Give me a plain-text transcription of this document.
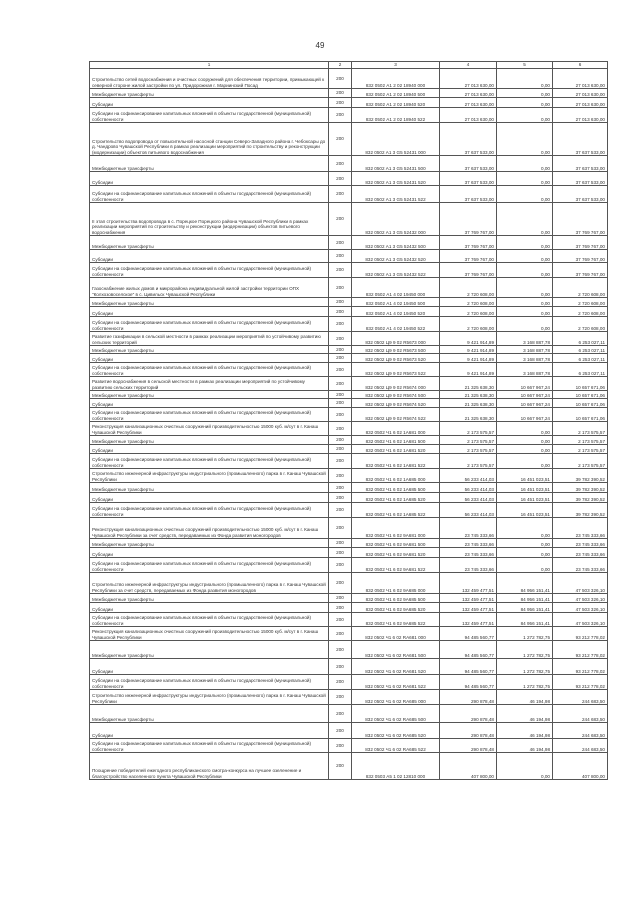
49
1	2	3	4	5	6
Строительство сетей водоснабжения и очистных сооружений для обеспечения территории, примыкающей к северной стороне жилой застройки по ул. Придорожная г. Мариинский Посад	200	832 0502 А1 2 02 18940 000	27 013 630,00	0,00	27 013 630,00
Межбюджетные трансферты	200	832 0502 А1 2 02 18940 500	27 013 630,00	0,00	27 013 630,00
Субсидии	200	832 0502 А1 2 02 18940 520	27 013 630,00	0,00	27 013 630,00
Субсидии на софинансирование капитальных вложений в объекты государственной (муниципальной) собственности	200	832 0502 А1 2 02 18940 522	27 013 630,00	0,00	27 013 630,00
Строительство водопровода от повысительной насосной станции Северо-Западного района г. Чебоксары до д. Чандрово Чувашской Республики в рамках реализации мероприятий по строительству и реконструкции (модернизации) объектов питьевого водоснабжения	200	832 0502 А1 3 G5 52431 000	37 637 533,00	0,00	37 637 533,00
Межбюджетные трансферты	200	832 0502 А1 3 G5 52431 500	37 637 533,00	0,00	37 637 533,00
Субсидии	200	832 0502 А1 3 G5 52431 520	37 637 533,00	0,00	37 637 533,00
Субсидии на софинансирование капитальных вложений в объекты государственной (муниципальной) собственности	200	832 0502 А1 3 G5 52431 522	37 637 533,00	0,00	37 637 533,00
II этап строительства водопровода в с. Порецкое Порецкого района Чувашской Республики в рамках реализации мероприятий по строительству и реконструкции (модернизации) объектов питьевого водоснабжения	200	832 0502 А1 3 G5 52432 000	37 769 767,00	0,00	37 769 767,00
Межбюджетные трансферты	200	832 0502 А1 3 G5 52432 500	37 769 767,00	0,00	37 769 767,00
Субсидии	200	832 0502 А1 3 G5 52432 520	37 769 767,00	0,00	37 769 767,00
Субсидии на софинансирование капитальных вложений в объекты государственной (муниципальной) собственности	200	832 0502 А1 3 G5 52432 522	37 769 767,00	0,00	37 769 767,00
Газоснабжение жилых домов и микрорайона индивидуальной жилой застройки территории ОПХ "Колхозовоселское" в с. Цивильск Чувашской Республики	200	832 0502 А1 4 02 19450 000	2 720 608,00	0,00	2 720 608,00
Межбюджетные трансферты	200	832 0502 А1 4 02 19450 500	2 720 608,00	0,00	2 720 608,00
Субсидии	200	832 0502 А1 4 02 19450 520	2 720 608,00	0,00	2 720 608,00
Субсидии на софинансирование капитальных вложений в объекты государственной (муниципальной) собственности	200	832 0502 А1 4 02 19450 522	2 720 608,00	0,00	2 720 608,00
Развитие газификации в сельской местности в рамках реализации мероприятий по устойчивому развитию сельских территорий	200	832 0502 Ц9 9 02 R5673 000	9 421 914,89	3 168 887,78	6 253 027,11
Межбюджетные трансферты	200	832 0502 Ц9 9 02 R5673 500	9 421 914,89	3 168 887,78	6 253 027,11
Субсидии	200	832 0502 Ц9 9 02 R5673 520	9 421 914,89	3 168 887,78	6 253 027,11
Субсидии на софинансирование капитальных вложений в объекты государственной (муниципальной) собственности	200	832 0502 Ц9 9 02 R5673 522	9 421 914,89	3 168 887,78	6 253 027,11
Развитие водоснабжения в сельской местности в рамках реализации мероприятий по устойчивому развитию сельских территорий	200	832 0502 Ц9 9 02 R5674 000	21 325 638,30	10 667 967,24	10 657 671,06
Межбюджетные трансферты	200	832 0502 Ц9 9 02 R5674 500	21 325 638,30	10 667 967,24	10 657 671,06
Субсидии	200	832 0502 Ц9 9 02 R5674 520	21 325 638,30	10 667 967,24	10 657 671,06
Субсидии на софинансирование капитальных вложений в объекты государственной (муниципальной) собственности	200	832 0502 Ц9 9 02 R5674 522	21 325 638,30	10 667 967,24	10 657 671,06
Реконструкция канализационных очистных сооружений производительностью 15000 куб. м/сут в г. Канаш Чувашской Республики	200	832 0502 Ч1 6 02 1А681 000	2 173 575,57	0,00	2 173 575,57
Межбюджетные трансферты	200	832 0502 Ч1 6 02 1А681 500	2 173 575,57	0,00	2 173 575,57
Субсидии	200	832 0502 Ч1 6 02 1А681 520	2 173 575,57	0,00	2 173 575,57
Субсидии на софинансирование капитальных вложений в объекты государственной (муниципальной) собственности	200	832 0502 Ч1 6 02 1А681 522	2 173 575,57	0,00	2 173 575,57
Строительство инженерной инфраструктуры индустриального (промышленного) парка в г. Канаш Чувашской Республики	200	832 0502 Ч1 6 02 1А685 000	56 233 414,03	16 451 023,51	39 782 390,52
Межбюджетные трансферты	200	832 0502 Ч1 6 02 1А685 500	56 233 414,03	16 451 023,51	39 782 390,52
Субсидии	200	832 0502 Ч1 6 02 1А685 520	56 233 414,03	16 451 023,51	39 782 390,52
Субсидии на софинансирование капитальных вложений в объекты государственной (муниципальной) собственности	200	832 0502 Ч1 6 02 1А685 522	56 233 414,03	16 451 023,51	39 782 390,52
Реконструкция канализационных очистных сооружений производительностью 15000 куб. м/сут в г. Канаш Чувашской Республики за счет средств, передаваемых из Фонда развития моногородов	200	832 0502 Ч1 6 02 9А681 000	23 745 333,66	0,00	23 745 333,66
Межбюджетные трансферты	200	832 0502 Ч1 6 02 9А681 500	23 745 333,66	0,00	23 745 333,66
Субсидии	200	832 0502 Ч1 6 02 9А681 520	23 745 333,66	0,00	23 745 333,66
Субсидии на софинансирование капитальных вложений в объекты государственной (муниципальной) собственности	200	832 0502 Ч1 6 02 9А681 522	23 745 333,66	0,00	23 745 333,66
Строительство инженерной инфраструктуры индустриального (промышленного) парка в г. Канаш Чувашской Республики за счет средств, передаваемых из Фонда развития моногородов	200	832 0502 Ч1 6 02 9А685 000	132 459 477,51	84 956 151,41	47 503 326,10
Межбюджетные трансферты	200	832 0502 Ч1 6 02 9А685 500	132 459 477,51	84 956 151,41	47 503 326,10
Субсидии	200	832 0502 Ч1 6 02 9А685 520	132 459 477,51	84 956 151,41	47 503 326,10
Субсидии на софинансирование капитальных вложений в объекты государственной (муниципальной) собственности	200	832 0502 Ч1 6 02 9А685 522	132 459 477,51	84 956 151,41	47 503 326,10
Реконструкция канализационных очистных сооружений производительностью 15000 куб. м/сут в г. Канаш Чувашской Республики	200	832 0502 Ч1 6 02 RА681 000	94 485 560,77	1 272 782,75	93 212 778,02
Межбюджетные трансферты	200	832 0502 Ч1 6 02 RА681 500	94 485 560,77	1 272 782,75	93 212 778,02
Субсидии	200	832 0502 Ч1 6 02 RА681 520	94 485 560,77	1 272 782,75	93 212 778,02
Субсидии на софинансирование капитальных вложений в объекты государственной (муниципальной) собственности	200	832 0502 Ч1 6 02 RА681 522	94 485 560,77	1 272 782,75	93 212 778,02
Строительство инженерной инфраструктуры индустриального (промышленного) парка в г. Канаш Чувашской Республики	200	832 0502 Ч1 6 02 RА685 000	290 878,48	46 194,98	244 683,50
Межбюджетные трансферты	200	832 0502 Ч1 6 02 RА685 500	290 878,48	46 194,98	244 683,50
Субсидии	200	832 0502 Ч1 6 02 RА685 520	290 878,48	46 194,98	244 683,50
Субсидии на софинансирование капитальных вложений в объекты государственной (муниципальной) собственности	200	832 0502 Ч1 6 02 RА685 522	290 878,48	46 194,98	244 683,50
Поощрение победителей ежегодного республиканского смотра-конкурса на лучшее озеленение и благоустройство населенного пункта Чувашской Республики	200	832 0503 А5 1 02 12810 000	407 800,00	0,00	407 800,00
